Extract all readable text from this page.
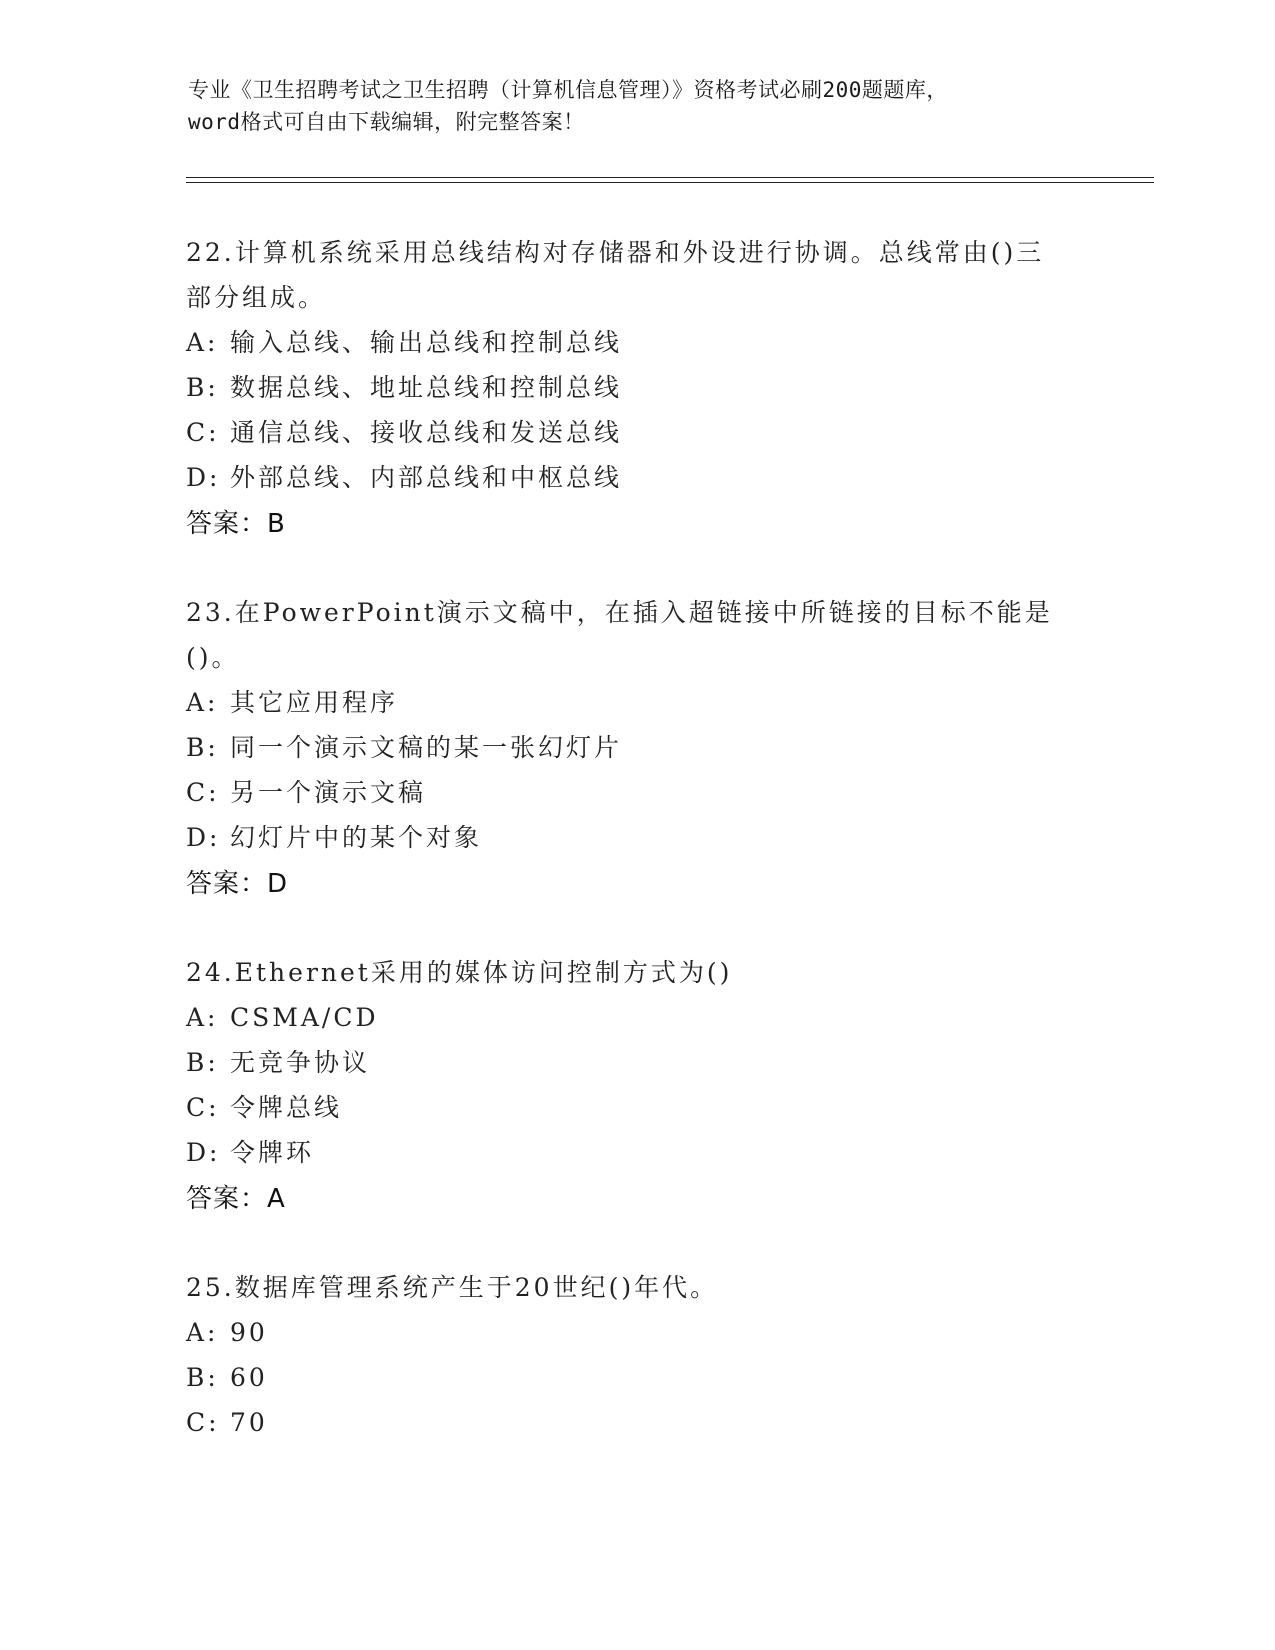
专业《卫生招聘考试之卫生招聘（计算机信息管理）》资格考试必刷200题题库，
word格式可自由下载编辑，附完整答案！
22.计算机系统采用总线结构对存储器和外设进行协调。总线常由()三部分组成。
A: 输入总线、输出总线和控制总线
B: 数据总线、地址总线和控制总线
C: 通信总线、接收总线和发送总线
D: 外部总线、内部总线和中枢总线
答案：B
23.在PowerPoint演示文稿中，在插入超链接中所链接的目标不能是()。
A: 其它应用程序
B: 同一个演示文稿的某一张幻灯片
C: 另一个演示文稿
D: 幻灯片中的某个对象
答案：D
24.Ethernet采用的媒体访问控制方式为()
A: CSMA/CD
B: 无竞争协议
C: 令牌总线
D: 令牌环
答案：A
25.数据库管理系统产生于20世纪()年代。
A: 90
B: 60
C: 70
